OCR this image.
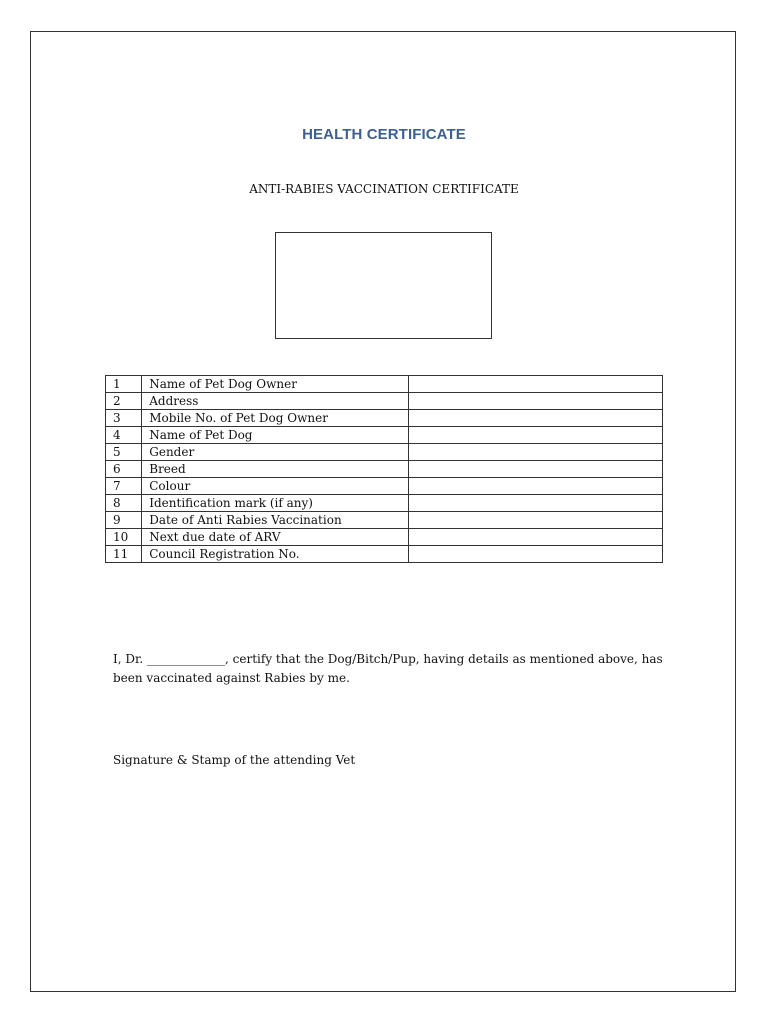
HEALTH CERTIFICATE
ANTI-RABIES VACCINATION CERTIFICATE
1	Name of Pet Dog Owner	
2	Address	
3	Mobile No. of Pet Dog Owner	
4	Name of Pet Dog	
5	Gender	
6	Breed	
7	Colour	
8	Identification mark (if any)	
9	Date of Anti Rabies Vaccination	
10	Next due date of ARV	
11	Council Registration No.	
I, Dr. _____________, certify that the Dog/Bitch/Pup, having details as mentioned above, has been vaccinated against Rabies by me.
Signature & Stamp of the attending Vet
